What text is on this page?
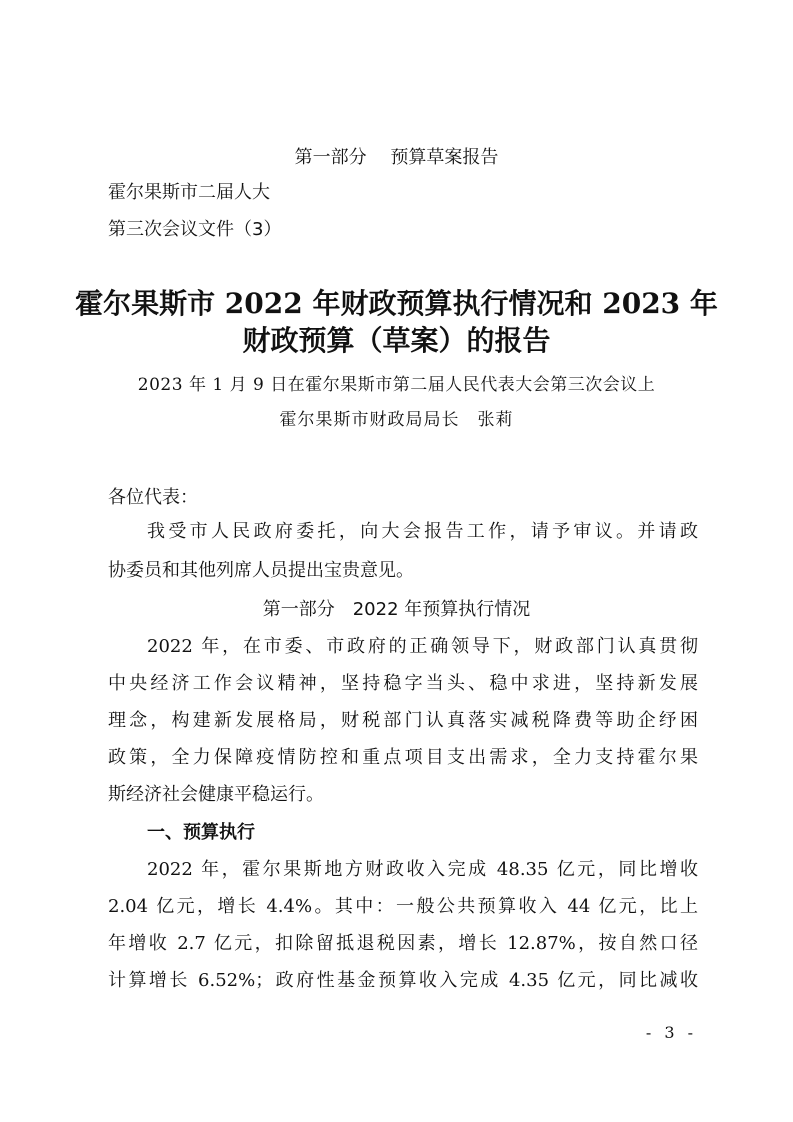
第一部分　 预算草案报告
霍尔果斯市二届人大
第三次会议文件（3）
霍尔果斯市 2022 年财政预算执行情况和 2023 年
财政预算（草案）的报告
2023 年 1 月 9 日在霍尔果斯市第二届人民代表大会第三次会议上
霍尔果斯市财政局局长　张莉
各位代表：
我受市人民政府委托，向大会报告工作，请予审议。并请政
协委员和其他列席人员提出宝贵意见。
第一部分　2022 年预算执行情况
2022 年，在市委、市政府的正确领导下，财政部门认真贯彻
中央经济工作会议精神，坚持稳字当头、稳中求进，坚持新发展
理念，构建新发展格局，财税部门认真落实减税降费等助企纾困
政策，全力保障疫情防控和重点项目支出需求，全力支持霍尔果
斯经济社会健康平稳运行。
一、预算执行
2022 年，霍尔果斯地方财政收入完成 48.35 亿元，同比增收
2.04 亿元，增长 4.4%。其中：一般公共预算收入 44 亿元，比上
年增收 2.7 亿元，扣除留抵退税因素，增长 12.87%，按自然口径
计算增长 6.52%；政府性基金预算收入完成 4.35 亿元，同比减收
- 3 -
